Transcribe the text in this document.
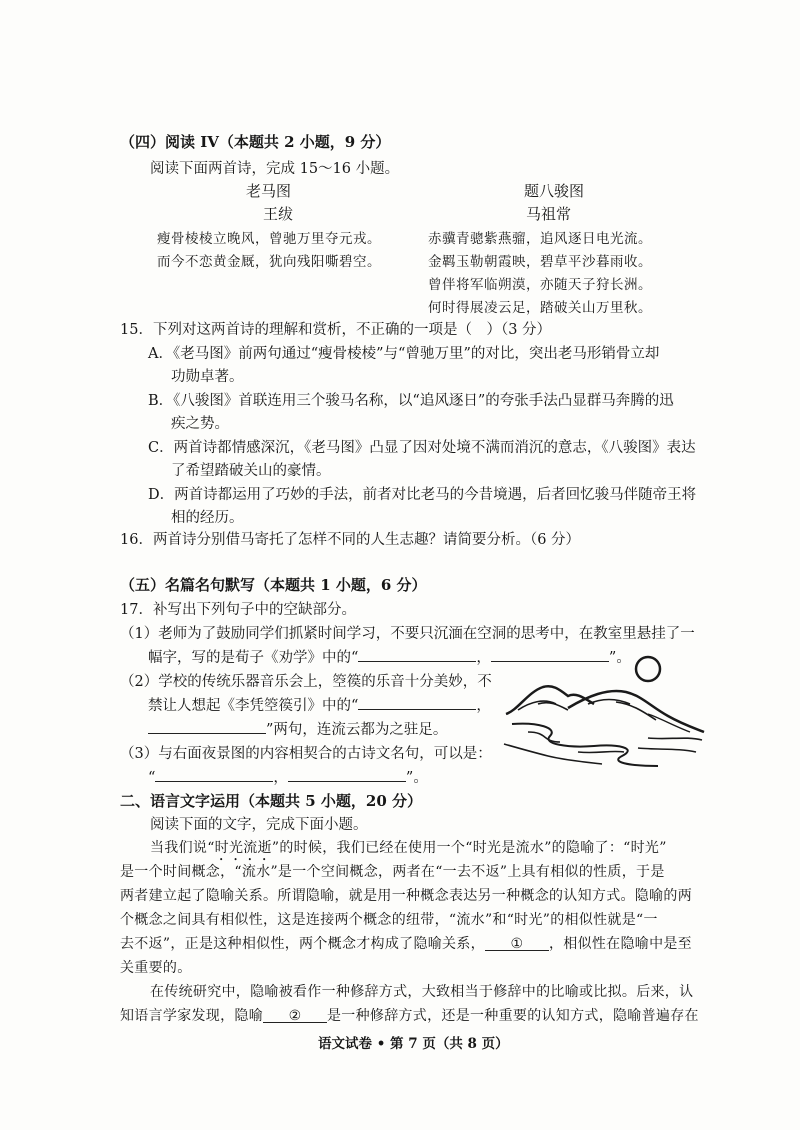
（四）阅读 IV（本题共 2 小题，9 分）
阅读下面两首诗，完成 15～16 小题。
老马图
王绂
瘦骨棱棱立晚风，曾驰万里夺元戎。
而今不恋黄金厩，犹向残阳嘶碧空。
题八骏图
马祖常
赤骥青骢紫燕骝，追风逐日电光流。
金羁玉勒朝霞映，碧草平沙暮雨收。
曾伴将军临朔漠，亦随天子狩长洲。
何时得展凌云足，踏破关山万里秋。
15．下列对这两首诗的理解和赏析，不正确的一项是（　）（3 分）
A．《老马图》前两句通过“瘦骨棱棱”与“曾驰万里”的对比，突出老马形销骨立却
功勋卓著。
B．《八骏图》首联连用三个骏马名称，以“追风逐日”的夸张手法凸显群马奔腾的迅
疾之势。
C．两首诗都情感深沉，《老马图》凸显了因对处境不满而消沉的意志，《八骏图》表达
了希望踏破关山的豪情。
D．两首诗都运用了巧妙的手法，前者对比老马的今昔境遇，后者回忆骏马伴随帝王将
相的经历。
16．两首诗分别借马寄托了怎样不同的人生志趣？请简要分析。（6 分）
（五）名篇名句默写（本题共 1 小题，6 分）
17．补写出下列句子中的空缺部分。
（1）老师为了鼓励同学们抓紧时间学习，不要只沉湎在空洞的思考中，在教室里悬挂了一
幅字，写的是荀子《劝学》中的“	，	”。
（2）学校的传统乐器音乐会上，箜篌的乐音十分美妙，不
禁让人想起《李凭箜篌引》中的“	，
”两句，连流云都为之驻足。
（3）与右面夜景图的内容相契合的古诗文名句，可以是：
“	，	”。
二、语言文字运用（本题共 5 小题，20 分）
阅读下面的文字，完成下面小题。
当我们说“时光流逝”的时候，我们已经在使用一个“时光是流水”的隐喻了：“时光”
是一个时间概念，“流水”是一个空间概念，两者在“一去不返”上具有相似的性质，于是
两者建立起了隐喻关系。所谓隐喻，就是用一种概念表达另一种概念的认知方式。隐喻的两
个概念之间具有相似性，这是连接两个概念的纽带，“流水”和“时光”的相似性就是“一
去不返”，正是这种相似性，两个概念才构成了隐喻关系， ① ，相似性在隐喻中是至
关重要的。
在传统研究中，隐喻被看作一种修辞方式，大致相当于修辞中的比喻或比拟。后来，认
知语言学家发现，隐喻 ② 是一种修辞方式，还是一种重要的认知方式，隐喻普遍存在
语文试卷 • 第 7 页（共 8 页）
